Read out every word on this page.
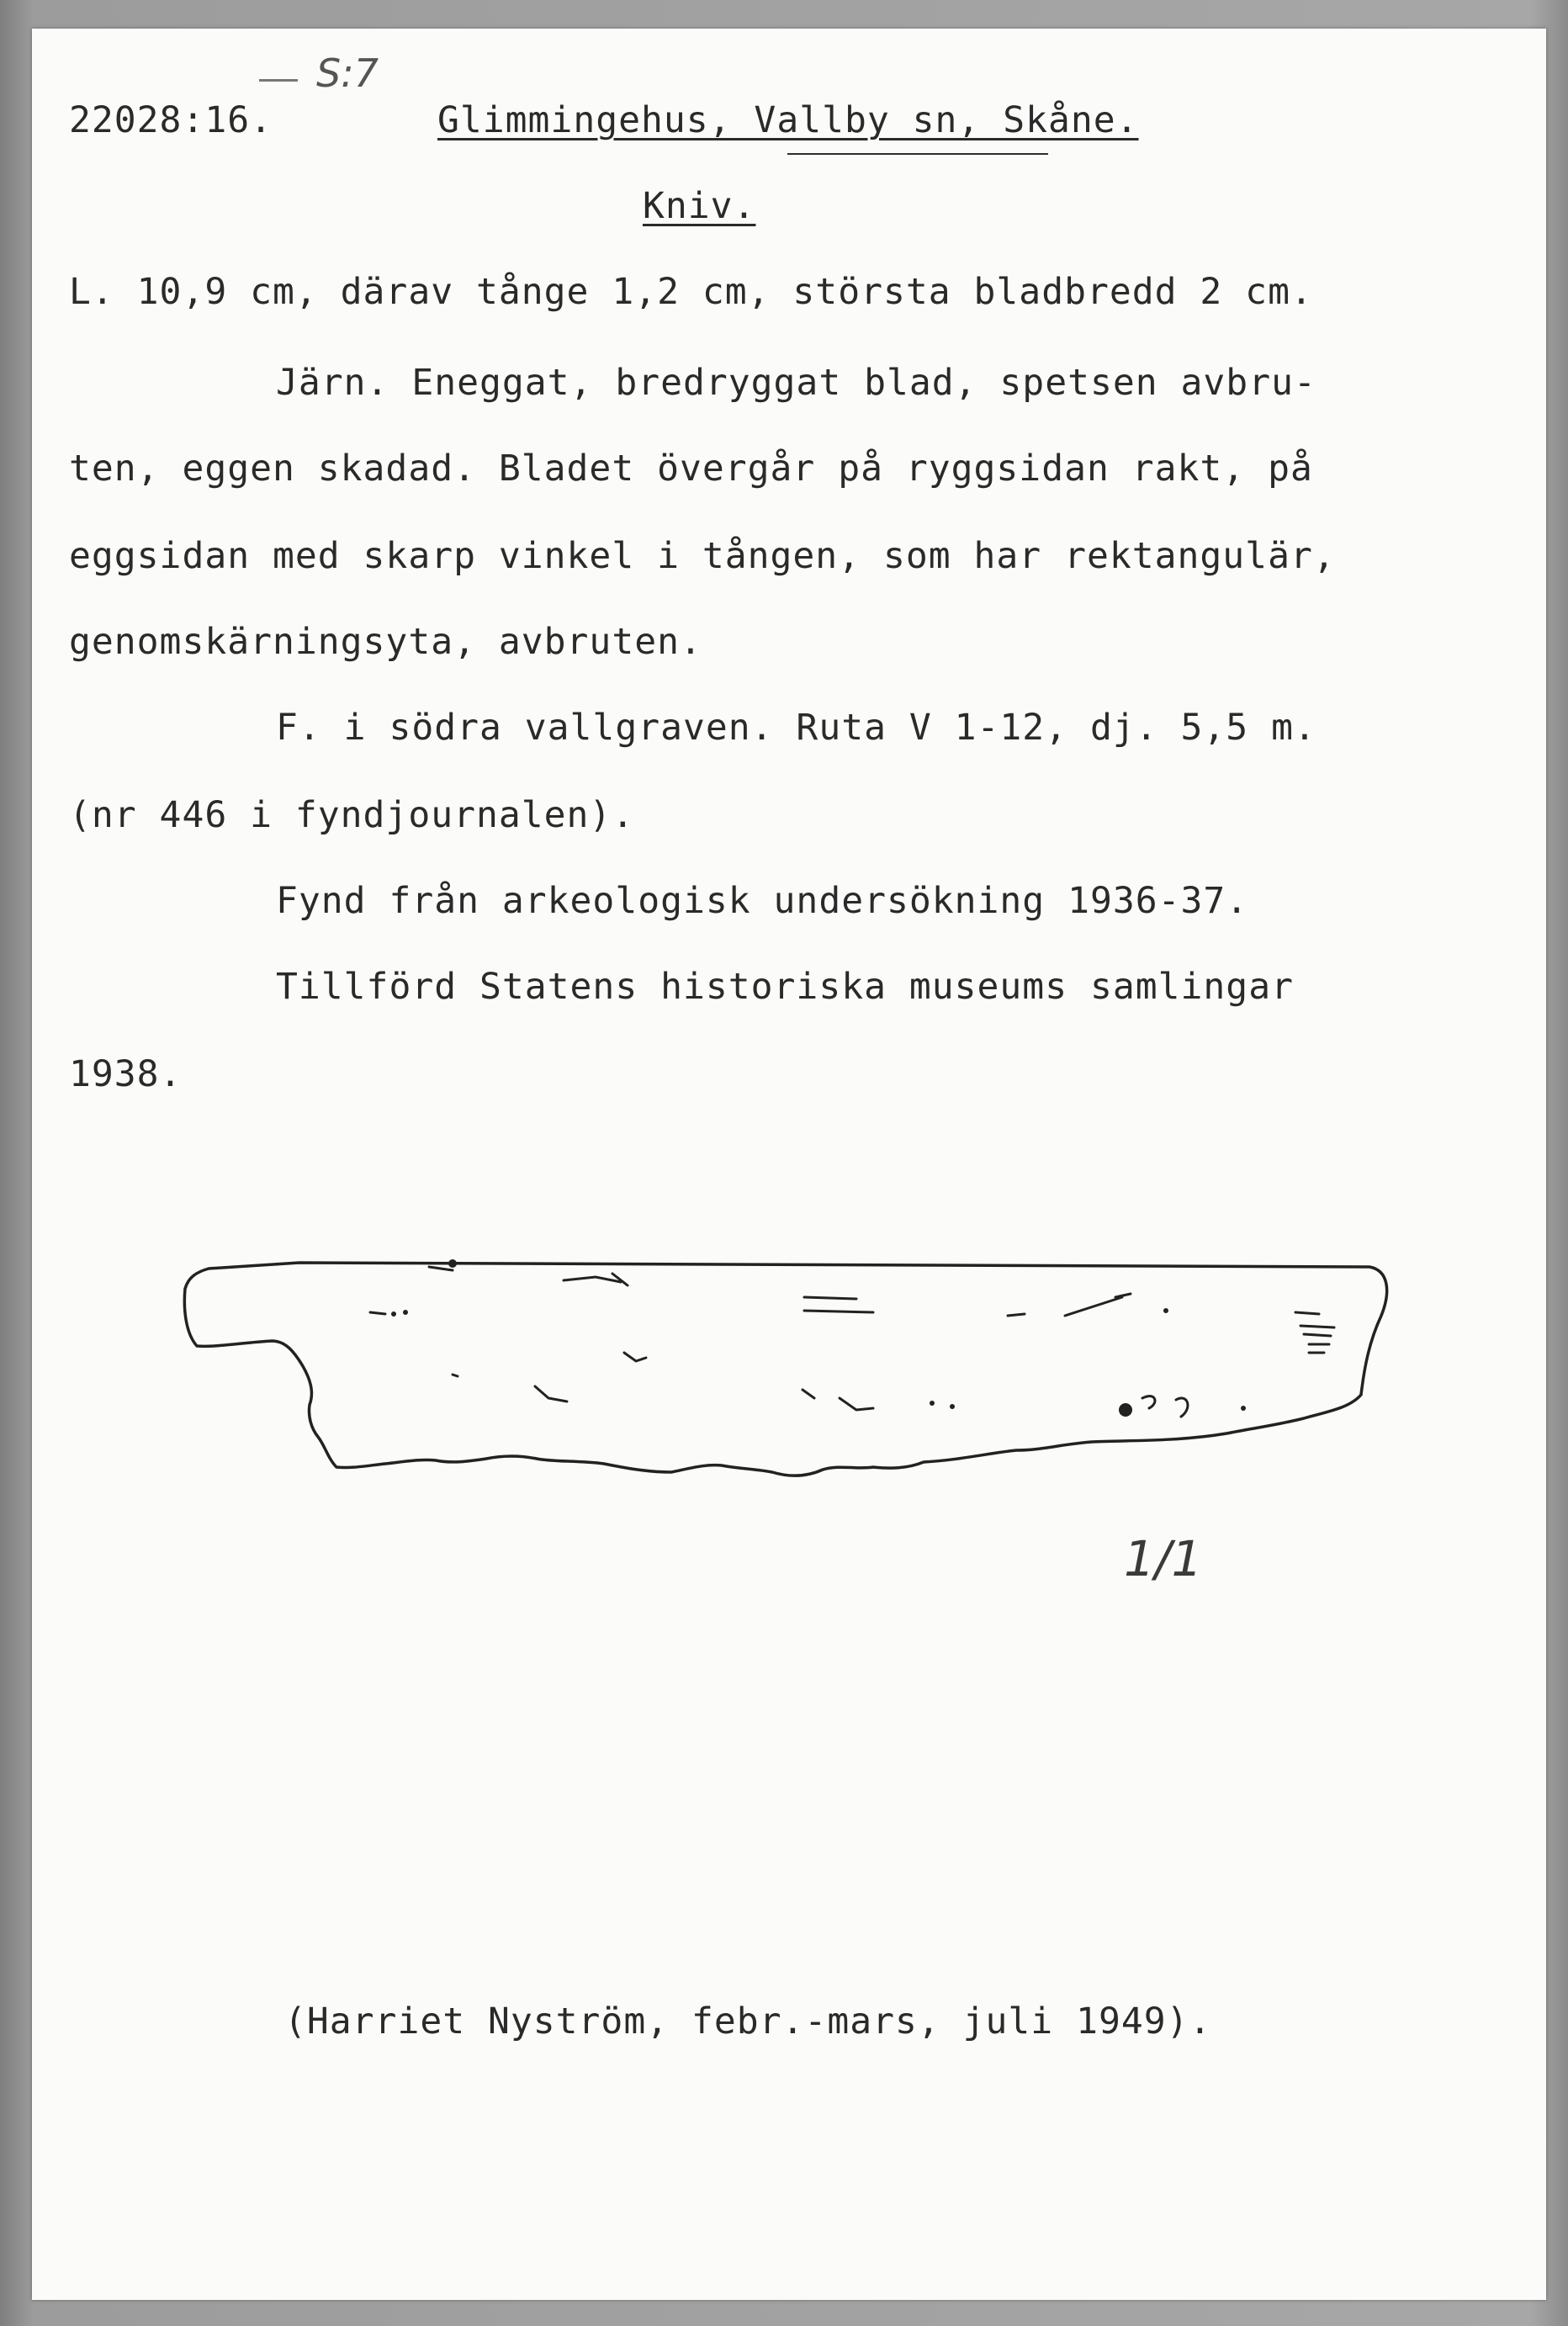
S:7
22028:16.	Glimmingehus, Vallby sn, Skåne.
Kniv.
L. 10,9 cm, därav tånge 1,2 cm, största bladbredd 2 cm.
Järn. Eneggat, bredryggat blad, spetsen avbru-
ten, eggen skadad. Bladet övergår på ryggsidan rakt, på
eggsidan med skarp vinkel i tången, som har rektangulär,
genomskärningsyta, avbruten.
F. i södra vallgraven. Ruta V 1-12, dj. 5,5 m.
(nr 446 i fyndjournalen).
Fynd från arkeologisk undersökning 1936-37.
Tillförd Statens historiska museums samlingar
1938.
1/1
(Harriet Nyström, febr.-mars, juli 1949).
